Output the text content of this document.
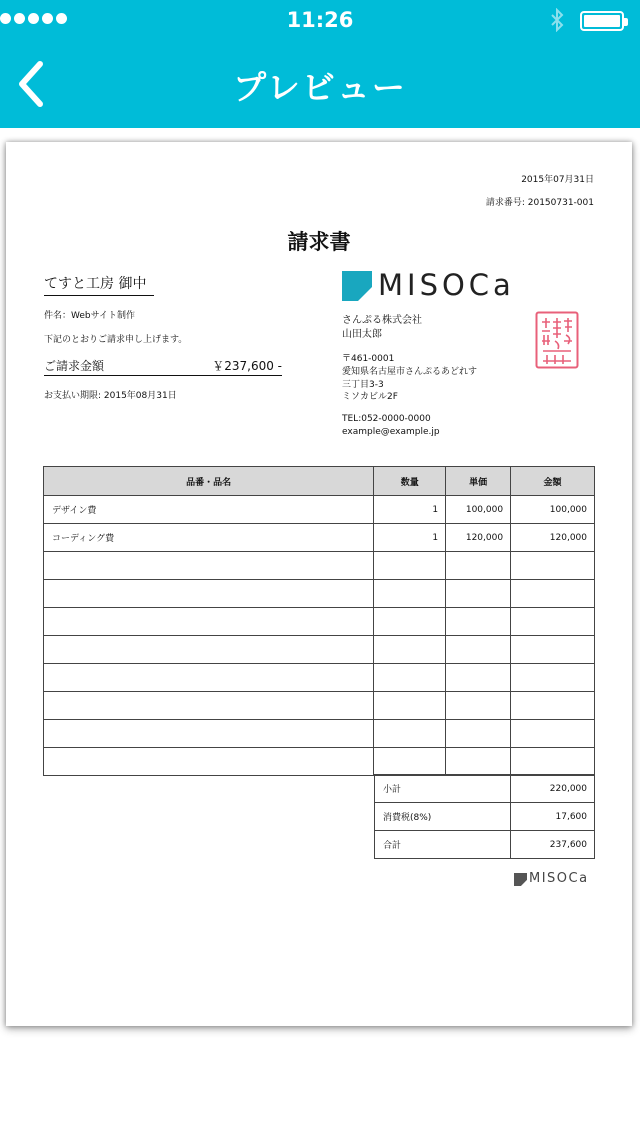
11:26
プレビュー
2015年07月31日
請求番号: 20150731-001
請求書
てすと工房 御中
件名：Webサイト制作
下記のとおりご請求申し上げます。
ご請求金額	￥237,600 -
お支払い期限: 2015年08月31日
MISOCa
さんぷる株式会社
山田太郎
〒461-0001
愛知県名古屋市さんぷるあどれす
三丁目3-3
ミソカビル2F
TEL:052-0000-0000
example@example.jp
品番・品名	数量	単価	金額
デザイン費	1	100,000	100,000
コーディング費	1	120,000	120,000

小計	220,000
消費税(8%)	17,600
合計	237,600
MISOCa
